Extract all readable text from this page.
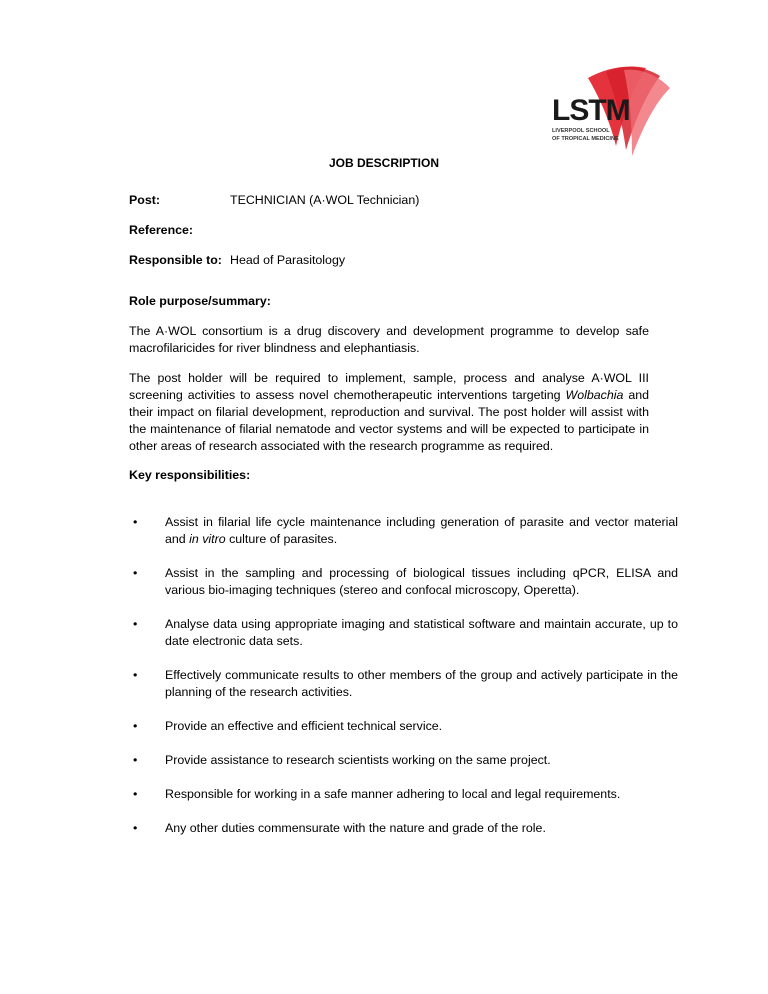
LSTM
LIVERPOOL SCHOOL
OF TROPICAL MEDICINE
JOB DESCRIPTION
Post:	TECHNICIAN (A·WOL Technician)
Reference:
Responsible to: Head of Parasitology
Role purpose/summary:
The A·WOL consortium is a drug discovery and development programme to develop safe macrofilaricides for river blindness and elephantiasis.
The post holder will be required to implement, sample, process and analyse A·WOL III screening activities to assess novel chemotherapeutic interventions targeting Wolbachia and their impact on filarial development, reproduction and survival. The post holder will assist with the maintenance of filarial nematode and vector systems and will be expected to participate in other areas of research associated with the research programme as required.
Key responsibilities:
• Assist in filarial life cycle maintenance including generation of parasite and vector material and in vitro culture of parasites.
• Assist in the sampling and processing of biological tissues including qPCR, ELISA and various bio-imaging techniques (stereo and confocal microscopy, Operetta).
• Analyse data using appropriate imaging and statistical software and maintain accurate, up to date electronic data sets.
• Effectively communicate results to other members of the group and actively participate in the planning of the research activities.
• Provide an effective and efficient technical service.
• Provide assistance to research scientists working on the same project.
• Responsible for working in a safe manner adhering to local and legal requirements.
• Any other duties commensurate with the nature and grade of the role.
